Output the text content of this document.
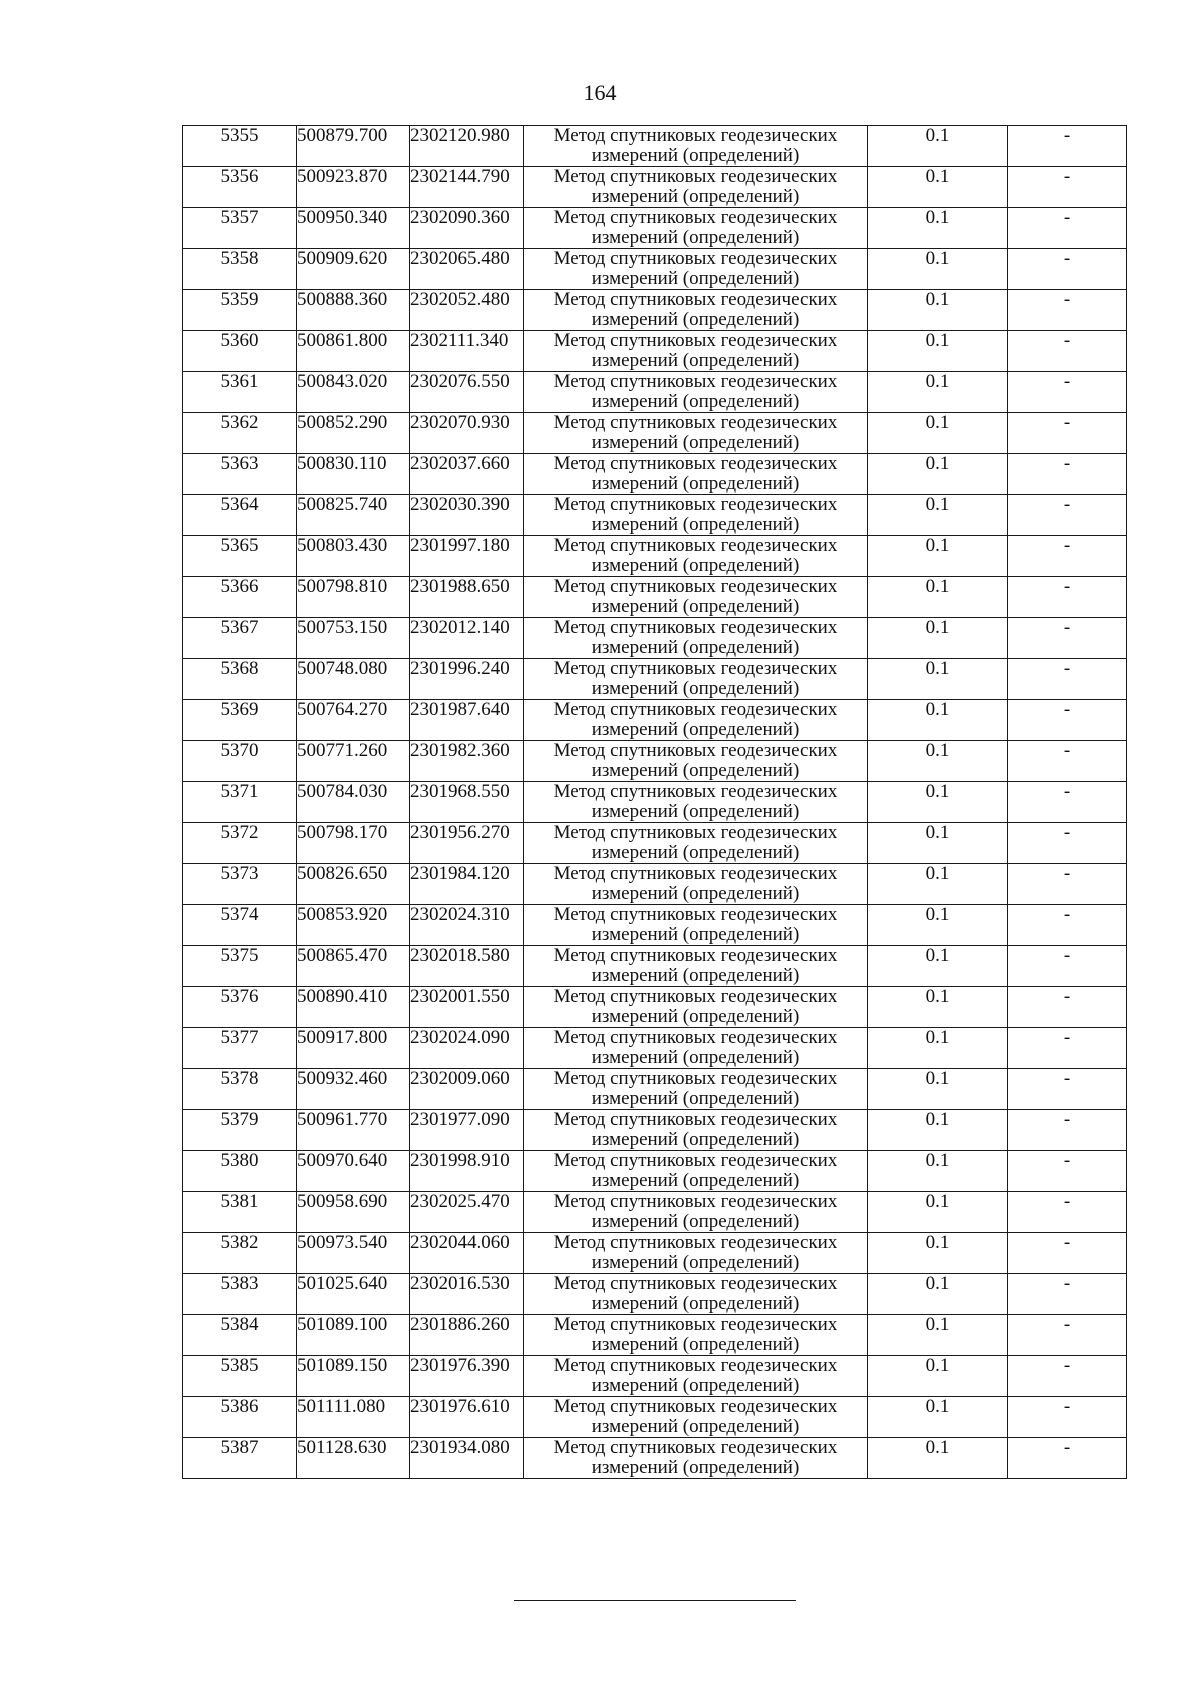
164
5355	500879.700	2302120.980	Метод спутниковых геодезических измерений (определений)	0.1	-
5356	500923.870	2302144.790	Метод спутниковых геодезических измерений (определений)	0.1	-
5357	500950.340	2302090.360	Метод спутниковых геодезических измерений (определений)	0.1	-
5358	500909.620	2302065.480	Метод спутниковых геодезических измерений (определений)	0.1	-
5359	500888.360	2302052.480	Метод спутниковых геодезических измерений (определений)	0.1	-
5360	500861.800	2302111.340	Метод спутниковых геодезических измерений (определений)	0.1	-
5361	500843.020	2302076.550	Метод спутниковых геодезических измерений (определений)	0.1	-
5362	500852.290	2302070.930	Метод спутниковых геодезических измерений (определений)	0.1	-
5363	500830.110	2302037.660	Метод спутниковых геодезических измерений (определений)	0.1	-
5364	500825.740	2302030.390	Метод спутниковых геодезических измерений (определений)	0.1	-
5365	500803.430	2301997.180	Метод спутниковых геодезических измерений (определений)	0.1	-
5366	500798.810	2301988.650	Метод спутниковых геодезических измерений (определений)	0.1	-
5367	500753.150	2302012.140	Метод спутниковых геодезических измерений (определений)	0.1	-
5368	500748.080	2301996.240	Метод спутниковых геодезических измерений (определений)	0.1	-
5369	500764.270	2301987.640	Метод спутниковых геодезических измерений (определений)	0.1	-
5370	500771.260	2301982.360	Метод спутниковых геодезических измерений (определений)	0.1	-
5371	500784.030	2301968.550	Метод спутниковых геодезических измерений (определений)	0.1	-
5372	500798.170	2301956.270	Метод спутниковых геодезических измерений (определений)	0.1	-
5373	500826.650	2301984.120	Метод спутниковых геодезических измерений (определений)	0.1	-
5374	500853.920	2302024.310	Метод спутниковых геодезических измерений (определений)	0.1	-
5375	500865.470	2302018.580	Метод спутниковых геодезических измерений (определений)	0.1	-
5376	500890.410	2302001.550	Метод спутниковых геодезических измерений (определений)	0.1	-
5377	500917.800	2302024.090	Метод спутниковых геодезических измерений (определений)	0.1	-
5378	500932.460	2302009.060	Метод спутниковых геодезических измерений (определений)	0.1	-
5379	500961.770	2301977.090	Метод спутниковых геодезических измерений (определений)	0.1	-
5380	500970.640	2301998.910	Метод спутниковых геодезических измерений (определений)	0.1	-
5381	500958.690	2302025.470	Метод спутниковых геодезических измерений (определений)	0.1	-
5382	500973.540	2302044.060	Метод спутниковых геодезических измерений (определений)	0.1	-
5383	501025.640	2302016.530	Метод спутниковых геодезических измерений (определений)	0.1	-
5384	501089.100	2301886.260	Метод спутниковых геодезических измерений (определений)	0.1	-
5385	501089.150	2301976.390	Метод спутниковых геодезических измерений (определений)	0.1	-
5386	501111.080	2301976.610	Метод спутниковых геодезических измерений (определений)	0.1	-
5387	501128.630	2301934.080	Метод спутниковых геодезических измерений (определений)	0.1	-
